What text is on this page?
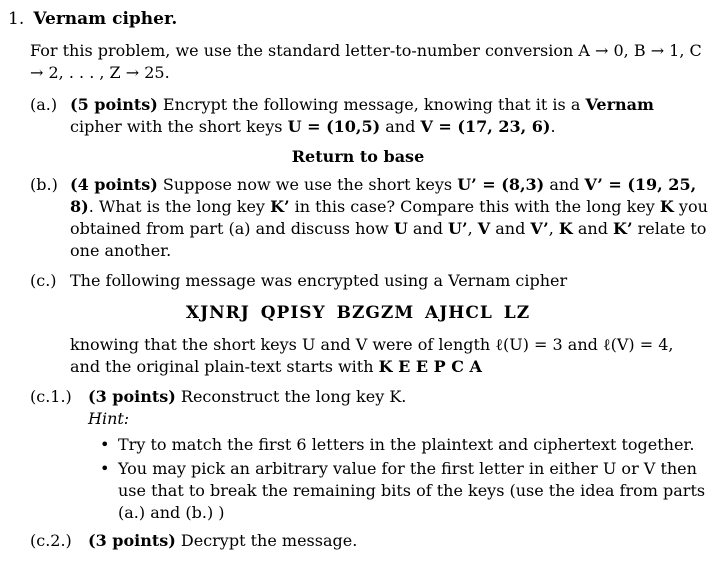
1. Vernam cipher.
For this problem, we use the standard letter-to-number conversion A → 0, B → 1, C → 2, . . . , Z → 25.
(a.) (5 points) Encrypt the following message, knowing that it is a Vernam cipher with the short keys U = (10,5) and V = (17, 23, 6).
Return to base
(b.) (4 points) Suppose now we use the short keys U’ = (8,3) and V’ = (19, 25, 8). What is the long key K’ in this case? Compare this with the long key K you obtained from part (a) and discuss how U and U’, V and V’, K and K’ relate to one another.
(c.) The following message was encrypted using a Vernam cipher
XJNRJ QPISY BZGZM AJHCL LZ
knowing that the short keys U and V were of length ℓ(U) = 3 and ℓ(V) = 4, and the original plain-text starts with K E E P C A
(c.1.) (3 points) Reconstruct the long key K.
Hint:
• Try to match the first 6 letters in the plaintext and ciphertext together.
• You may pick an arbitrary value for the first letter in either U or V then use that to break the remaining bits of the keys (use the idea from parts (a.) and (b.) )
(c.2.) (3 points) Decrypt the message.
